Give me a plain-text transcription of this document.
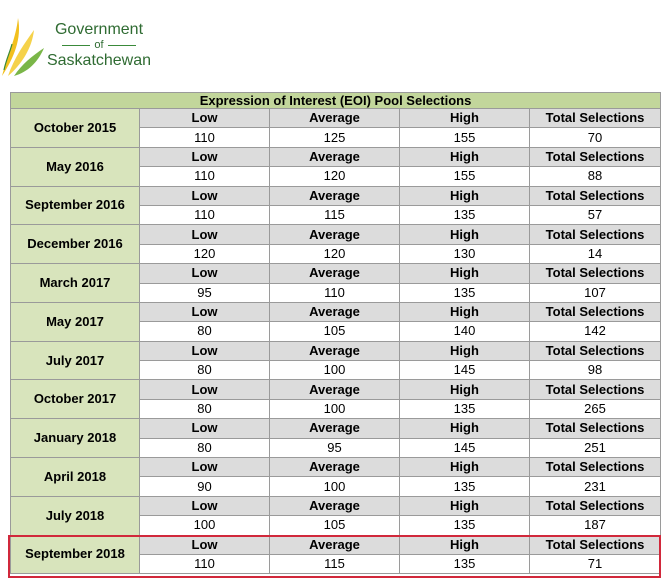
Government
of
Saskatchewan
Expression of Interest (EOI) Pool Selections				
October 2015	Low	Average	High	Total Selections
	110	125	155	70
May 2016	Low	Average	High	Total Selections
	110	120	155	88
September 2016	Low	Average	High	Total Selections
	110	115	135	57
December 2016	Low	Average	High	Total Selections
	120	120	130	14
March 2017	Low	Average	High	Total Selections
	95	110	135	107
May 2017	Low	Average	High	Total Selections
	80	105	140	142
July 2017	Low	Average	High	Total Selections
	80	100	145	98
October 2017	Low	Average	High	Total Selections
	80	100	135	265
January 2018	Low	Average	High	Total Selections
	80	95	145	251
April 2018	Low	Average	High	Total Selections
	90	100	135	231
July 2018	Low	Average	High	Total Selections
	100	105	135	187
September 2018	Low	Average	High	Total Selections
	110	115	135	71
